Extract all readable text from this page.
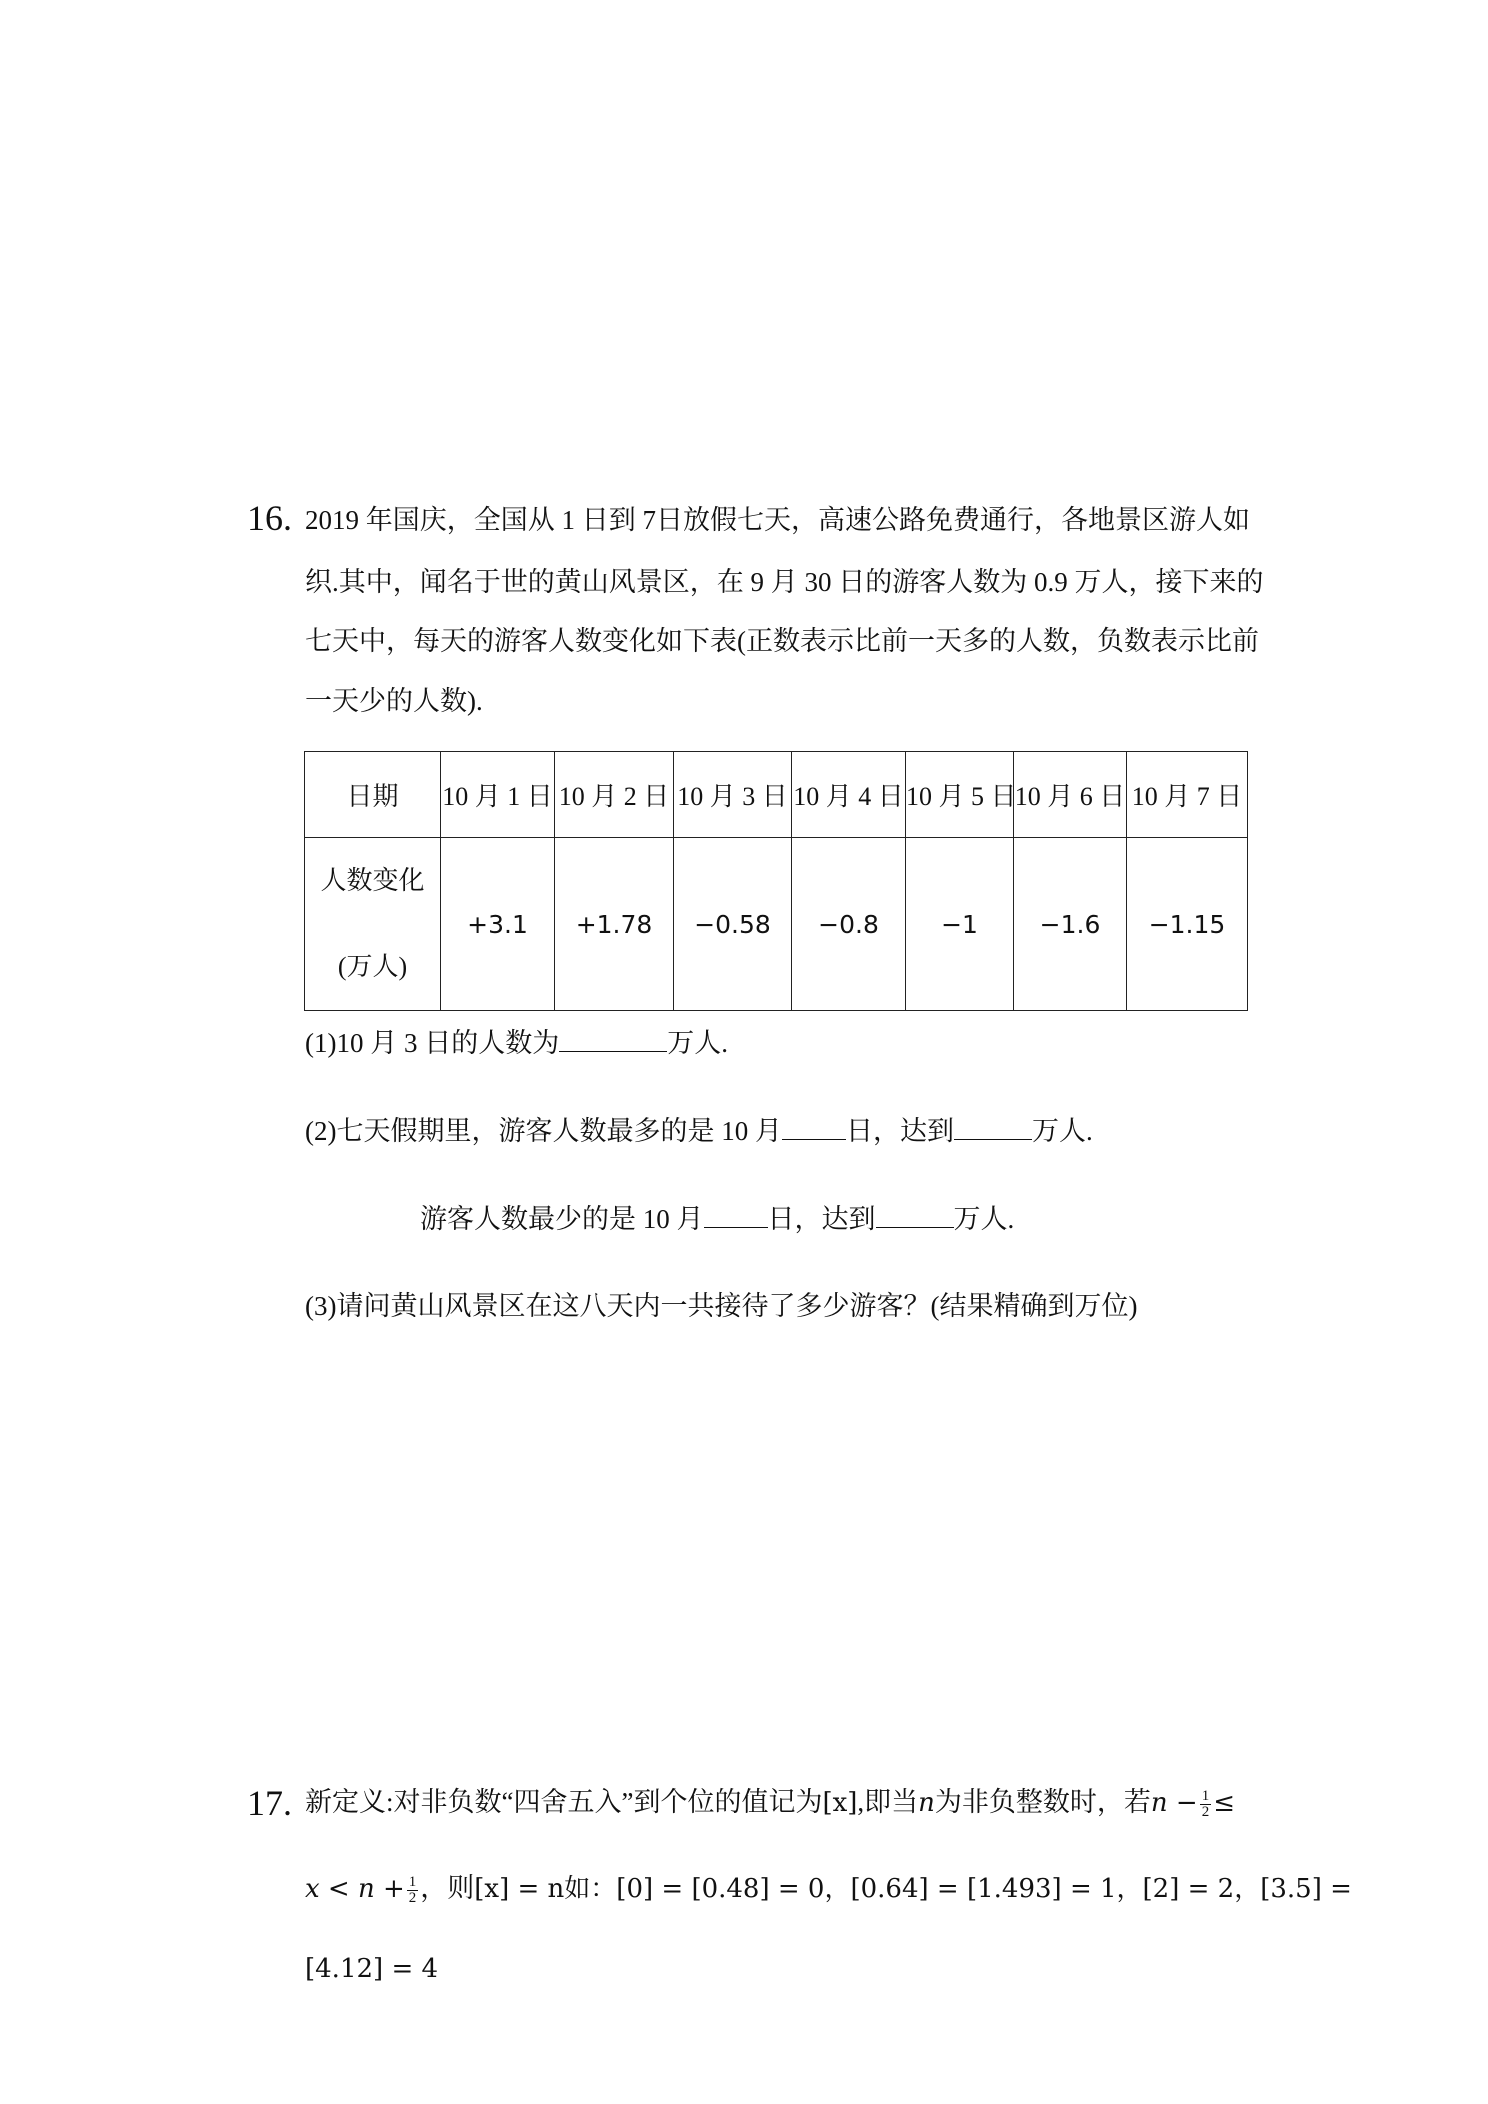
16. 2019 年国庆，全国从 1 日到 7日放假七天，高速公路免费通行，各地景区游人如
织.其中，闻名于世的黄山风景区，在 9 月 30 日的游客人数为 0.9 万人，接下来的
七天中，每天的游客人数变化如下表(正数表示比前一天多的人数，负数表示比前
一天少的人数).
日期	10 月 1 日	10 月 2 日	10 月 3 日	10 月 4 日	10 月 5 日	10 月 6 日	10 月 7 日

人数变化
(万人)	+3.1	+1.78	−0.58	−0.8	−1	−1.6	−1.15
(1)10 月 3 日的人数为	万人.
(2)七天假期里，游客人数最多的是 10 月 日，达到	万人.
游客人数最少的是 10 月 日，达到	万人.
(3)请问黄山风景区在这八天内一共接待了多少游客？(结果精确到万位)
17. 新定义:对非负数“四舍五入”到个位的值记为[x],即当n为非负整数时，若$n - \frac{1}{2}$ ≤
$x < n + \frac{1}{2}$ ，则[x] = n如：[0] = [0.48] = 0，[0.64] = [1.493] = 1，[2] = 2，[3.5] =
[4.12] = 4
